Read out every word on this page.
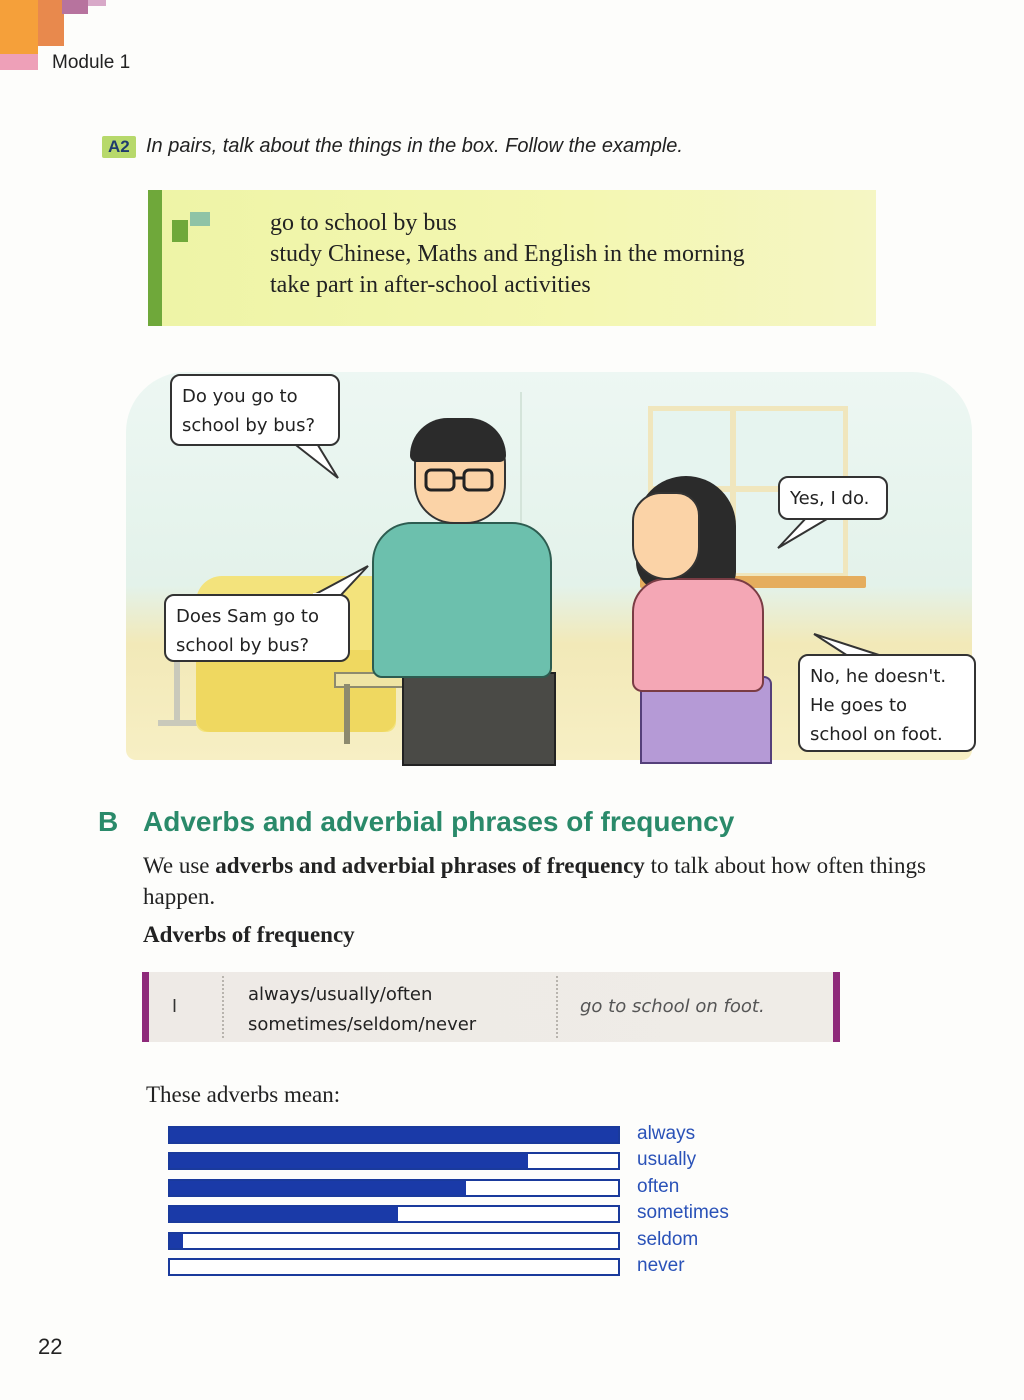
Module 1
A2 In pairs, talk about the things in the box. Follow the example.
go to school by bus
study Chinese, Maths and English in the morning
take part in after-school activities
Do you go to
school by bus?
Yes, I do.
Does Sam go to
school by bus?
No, he doesn't.
He goes to
school on foot.
B Adverbs and adverbial phrases of frequency
We use adverbs and adverbial phrases of frequency to talk about how often things happen.
Adverbs of frequency
I
always/usually/often
sometimes/seldom/never
go to school on foot.
These adverbs mean:
always
usually
often
sometimes
seldom
never
22
